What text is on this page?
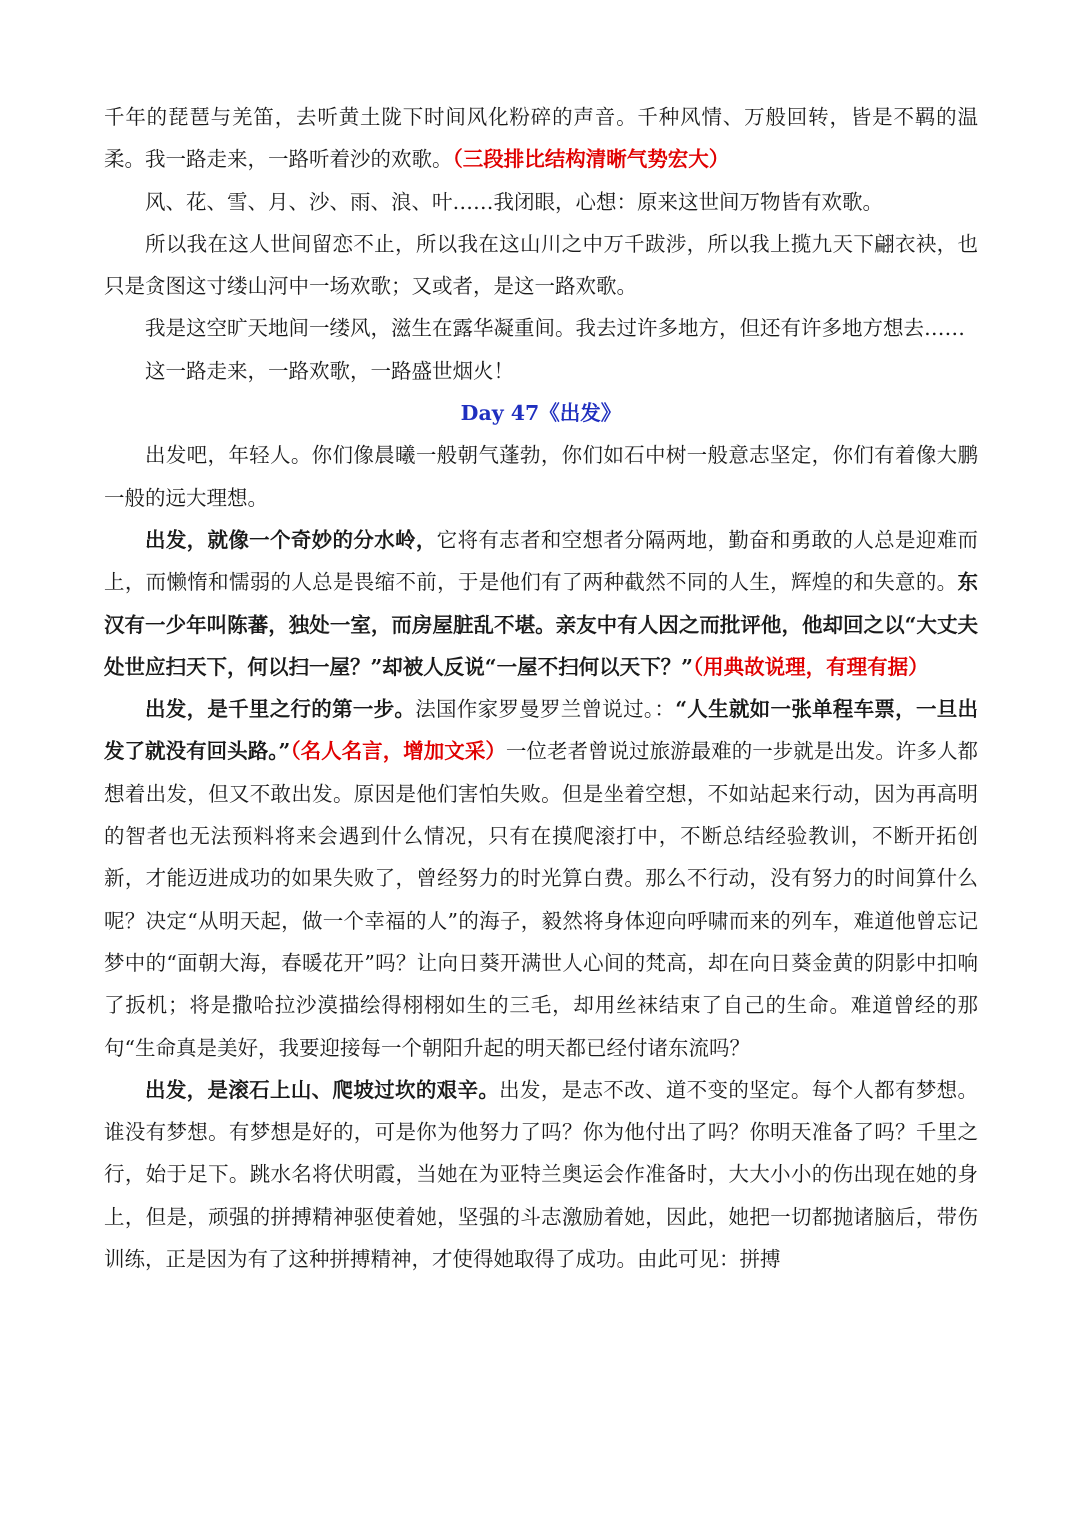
千年的琵琶与羌笛，去听黄土陇下时间风化粉碎的声音。千种风情、万般回转，皆是不羁的温柔。我一路走来，一路听着沙的欢歌。（三段排比结构清晰气势宏大）

风、花、雪、月、沙、雨、浪、叶……我闭眼，心想：原来这世间万物皆有欢歌。

所以我在这人世间留恋不止，所以我在这山川之中万千跋涉，所以我上揽九天下翩衣袂，也只是贪图这寸缕山河中一场欢歌；又或者，是这一路欢歌。

我是这空旷天地间一缕风，滋生在露华凝重间。我去过许多地方，但还有许多地方想去……

这一路走来，一路欢歌，一路盛世烟火！

Day 47《出发》

出发吧，年轻人。你们像晨曦一般朝气蓬勃，你们如石中树一般意志坚定，你们有着像大鹏一般的远大理想。

出发，就像一个奇妙的分水岭，它将有志者和空想者分隔两地，勤奋和勇敢的人总是迎难而上，而懒惰和懦弱的人总是畏缩不前，于是他们有了两种截然不同的人生，辉煌的和失意的。东汉有一少年叫陈蕃，独处一室，而房屋脏乱不堪。亲友中有人因之而批评他，他却回之以“大丈夫处世应扫天下，何以扫一屋？”却被人反说“一屋不扫何以天下？”（用典故说理，有理有据）

出发，是千里之行的第一步。法国作家罗曼罗兰曾说过。：“人生就如一张单程车票，一旦出发了就没有回头路。”（名人名言，增加文采）一位老者曾说过旅游最难的一步就是出发。许多人都想着出发，但又不敢出发。原因是他们害怕失败。但是坐着空想，不如站起来行动，因为再高明的智者也无法预料将来会遇到什么情况，只有在摸爬滚打中，不断总结经验教训，不断开拓创新，才能迈进成功的如果失败了，曾经努力的时光算白费。那么不行动，没有努力的时间算什么呢？决定“从明天起，做一个幸福的人”的海子，毅然将身体迎向呼啸而来的列车，难道他曾忘记梦中的“面朝大海，春暖花开”吗？让向日葵开满世人心间的梵高，却在向日葵金黄的阴影中扣响了扳机；将是撒哈拉沙漠描绘得栩栩如生的三毛，却用丝袜结束了自己的生命。难道曾经的那句“生命真是美好，我要迎接每一个朝阳升起的明天都已经付诸东流吗？

出发，是滚石上山、爬坡过坎的艰辛。出发，是志不改、道不变的坚定。每个人都有梦想。谁没有梦想。有梦想是好的，可是你为他努力了吗？你为他付出了吗？你明天准备了吗？千里之行，始于足下。跳水名将伏明霞，当她在为亚特兰奥运会作准备时，大大小小的伤出现在她的身上，但是，顽强的拼搏精神驱使着她，坚强的斗志激励着她，因此，她把一切都抛诸脑后，带伤训练，正是因为有了这种拼搏精神，才使得她取得了成功。由此可见：拼搏
